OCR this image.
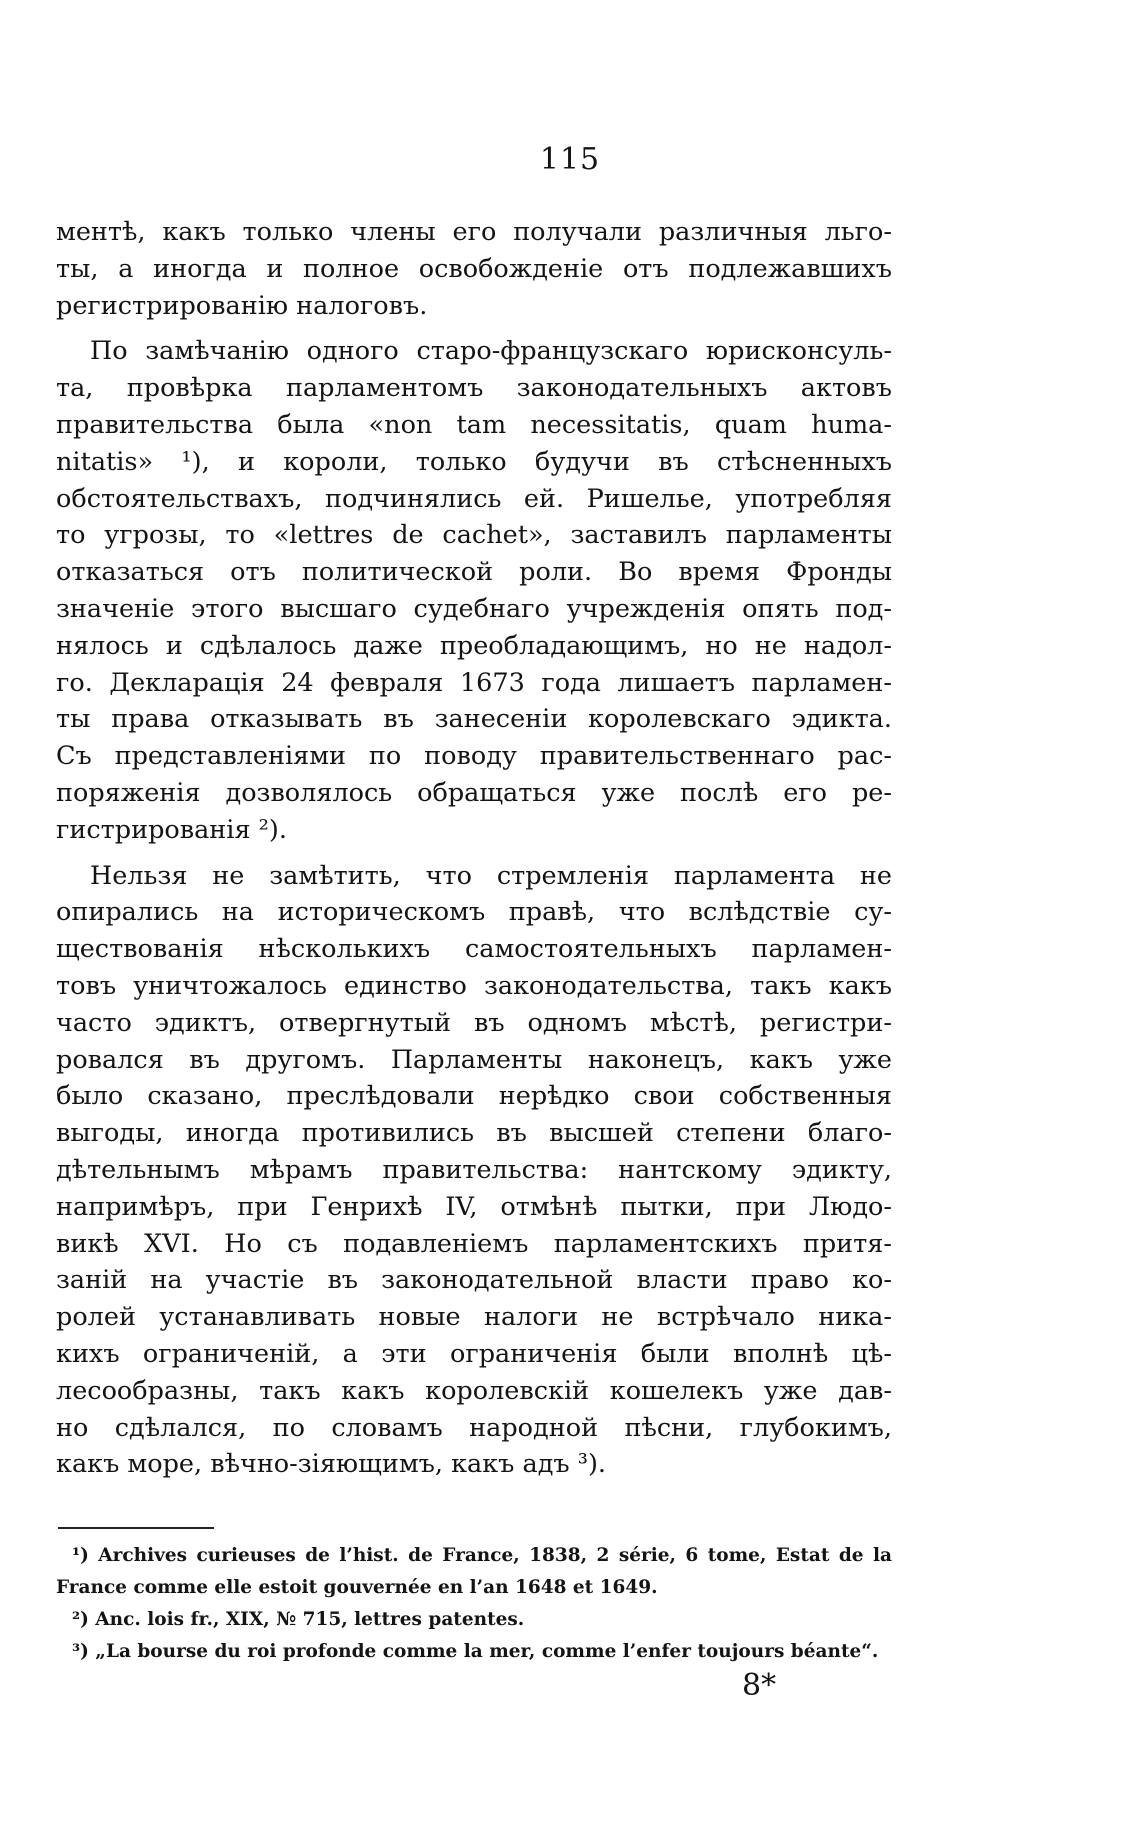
115
ментѣ, какъ только члены его получали различныя льго-
ты, а иногда и полное освобожденіе отъ подлежавшихъ
регистрированію налоговъ.
По замѣчанію одного старо-французскаго юрисконсуль-
та, провѣрка парламентомъ законодательныхъ актовъ
правительства была «non tam necessitatis, quam huma-
nitatis» ¹), и короли, только будучи въ стѣсненныхъ
обстоятельствахъ, подчинялись ей. Ришелье, употребляя
то угрозы, то «lettres de cachet», заставилъ парламенты
отказаться отъ политической роли. Во время Фронды
значеніе этого высшаго судебнаго учрежденія опять под-
нялось и сдѣлалось даже преобладающимъ, но не надол-
го. Декларація 24 февраля 1673 года лишаетъ парламен-
ты права отказывать въ занесеніи королевскаго эдикта.
Съ представленіями по поводу правительственнаго рас-
поряженія дозволялось обращаться уже послѣ его ре-
гистрированія ²).
Нельзя не замѣтить, что стремленія парламента не
опирались на историческомъ правѣ, что вслѣдствіе су-
ществованія нѣсколькихъ самостоятельныхъ парламен-
товъ уничтожалось единство законодательства, такъ какъ
часто эдиктъ, отвергнутый въ одномъ мѣстѣ, регистри-
ровался въ другомъ. Парламенты наконецъ, какъ уже
было сказано, преслѣдовали нерѣдко свои собственныя
выгоды, иногда противились въ высшей степени благо-
дѣтельнымъ мѣрамъ правительства: нантскому эдикту,
напримѣръ, при Генрихѣ IV, отмѣнѣ пытки, при Людо-
викѣ XVI. Но съ подавленіемъ парламентскихъ притя-
заній на участіе въ законодательной власти право ко-
ролей устанавливать новые налоги не встрѣчало ника-
кихъ ограниченій, а эти ограниченія были вполнѣ цѣ-
лесообразны, такъ какъ королевскій кошелекъ уже дав-
но сдѣлался, по словамъ народной пѣсни, глубокимъ,
какъ море, вѣчно-зіяющимъ, какъ адъ ³).
¹) Archives curieuses de l’hist. de France, 1838, 2 série, 6 tome, Estat de la
France comme elle estoit gouvernée en l’an 1648 et 1649.
²) Anc. lois fr., XIX, № 715, lettres patentes.
³) „La bourse du roi profonde comme la mer, comme l’enfer toujours béante“.
8*
